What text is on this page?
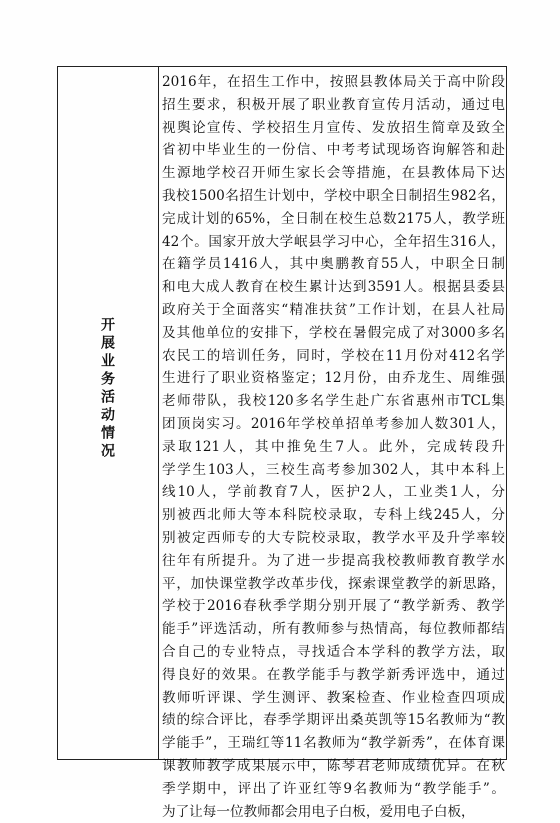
开展业务活动情况
2016年，在招生工作中，按照县教体局关于高中阶段
招生要求，积极开展了职业教育宣传月活动，通过电
视舆论宣传、学校招生月宣传、发放招生简章及致全
省初中毕业生的一份信、中考考试现场咨询解答和赴
生源地学校召开师生家长会等措施，在县教体局下达
我校1500名招生计划中，学校中职全日制招生982名，
完成计划的65%，全日制在校生总数2175人，教学班
42个。国家开放大学岷县学习中心，全年招生316人，
在籍学员1416人，其中奥鹏教育55人，中职全日制
和电大成人教育在校生累计达到3591人。根据县委县
政府关于全面落实“精准扶贫”工作计划，在县人社局
及其他单位的安排下，学校在暑假完成了对3000多名
农民工的培训任务，同时，学校在11月份对412名学
生进行了职业资格鉴定；12月份，由乔龙生、周维强
老师带队，我校120多名学生赴广东省惠州市TCL集
团顶岗实习。2016年学校单招单考参加人数301人，
录取121人，其中推免生7人。此外，完成转段升
学学生103人，三校生高考参加302人，其中本科上
线10人，学前教育7人，医护2人，工业类1人，分
别被西北师大等本科院校录取，专科上线245人，分
别被定西师专的大专院校录取，教学水平及升学率较
往年有所提升。为了进一步提高我校教师教育教学水
平，加快课堂教学改革步伐，探索课堂教学的新思路，
学校于2016春秋季学期分别开展了“教学新秀、教学
能手”评选活动，所有教师参与热情高，每位教师都结
合自己的专业特点，寻找适合本学科的教学方法，取
得良好的效果。在教学能手与教学新秀评选中，通过
教师听评课、学生测评、教案检查、作业检查四项成
绩的综合评比，春季学期评出桑英凯等15名教师为“教
学能手”，王瑞红等11名教师为“教学新秀”，在体育课
课教师教学成果展示中，陈琴君老师成绩优异。在秋
季学期中，评出了许亚红等9名教师为“教学能手”。
为了让每一位教师都会用电子白板，爱用电子白板，
